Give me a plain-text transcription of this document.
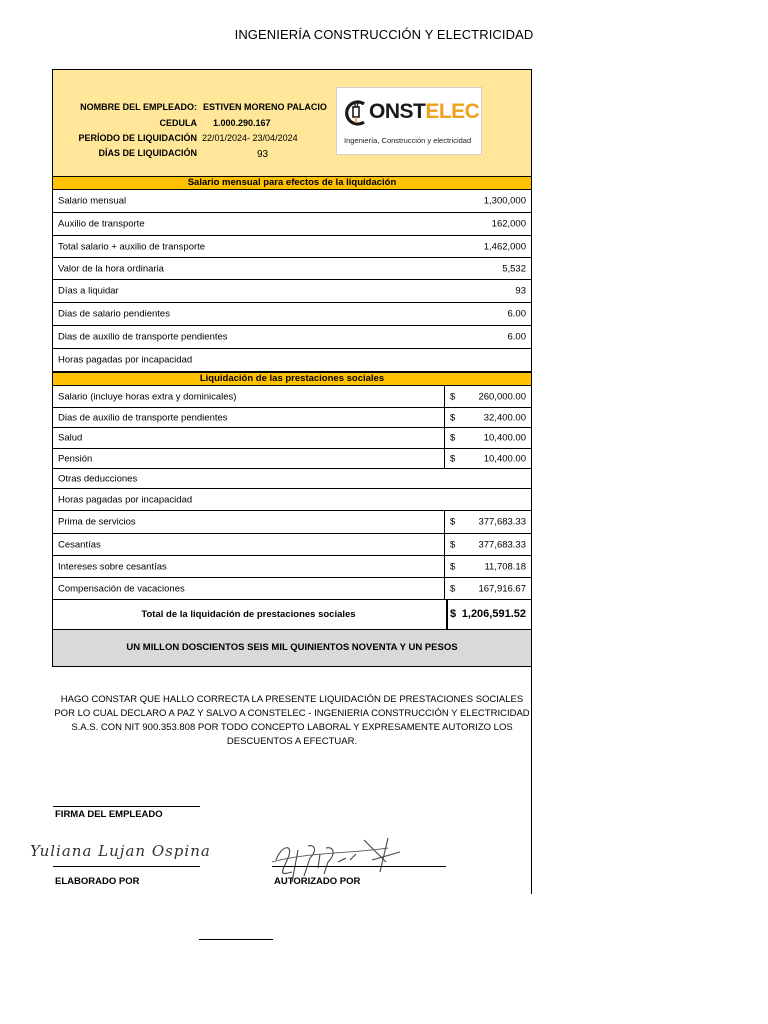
INGENIERÍA CONSTRUCCIÓN Y ELECTRICIDAD
NOMBRE DEL EMPLEADO: ESTIVEN MORENO PALACIO
CEDULA 1.000.290.167
PERÍODO DE LIQUIDACIÓN 22/01/2024- 23/04/2024
DÍAS DE LIQUIDACIÓN	93
ONSTELEC
Ingeniería, Construcción y electricidad
Salario mensual para efectos de la liquidación
Salario mensual	1,300,000
Auxilio de transporte	162,000
Total salario + auxilio de transporte	1,462,000
Valor de la hora ordinaria	5,532
Días a liquidar	93
Dias de salario pendientes	6.00
Dias de auxilio de transporte pendientes	6.00
Horas pagadas por incapacidad
Liquidación de las prestaciones sociales
Salario (incluye horas extra y dominicales)	$ 260,000.00
Dias de auxilio de transporte pendientes	$	32,400.00
Salud	$	10,400.00
Pensión	$	10,400.00
Otras deducciones
Horas pagadas por incapacidad
Prima de servicios	$ 377,683.33
Cesantías	$ 377,683.33
Intereses sobre cesantías	$	11,708.18
Compensación de vacaciones	$ 167,916.67
Total de la liquidación de prestaciones sociales	$ 1,206,591.52
UN MILLON DOSCIENTOS SEIS MIL QUINIENTOS NOVENTA Y UN PESOS
HAGO CONSTAR QUE HALLO CORRECTA LA PRESENTE LIQUIDACIÓN DE PRESTACIONES SOCIALES POR LO CUAL DECLARO A PAZ Y SALVO A CONSTELEC - INGENIERIA CONSTRUCCIÓN Y ELECTRICIDAD S.A.S. CON NIT 900.353.808 POR TODO CONCEPTO LABORAL Y EXPRESAMENTE AUTORIZO LOS DESCUENTOS A EFECTUAR.
FIRMA DEL EMPLEADO
Yuliana Lujan Ospina
ELABORADO POR	AUTORIZADO POR
